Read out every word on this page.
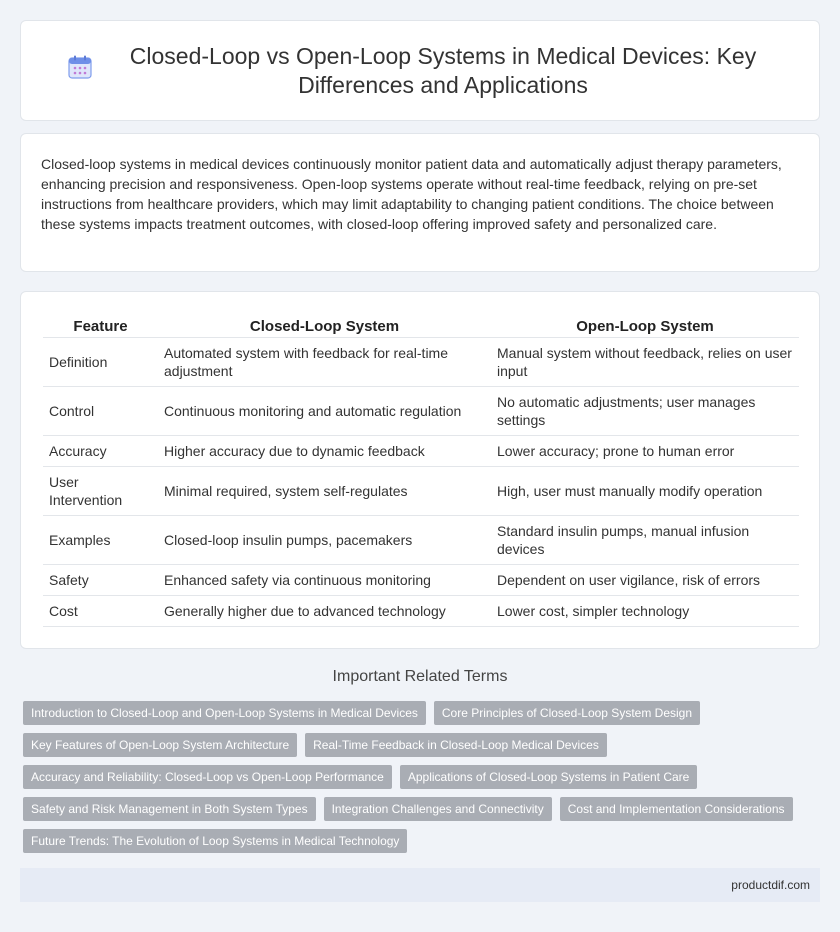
Closed-Loop vs Open-Loop Systems in Medical Devices: Key Differences and Applications

Closed-loop systems in medical devices continuously monitor patient data and automatically adjust therapy parameters, enhancing precision and responsiveness. Open-loop systems operate without real-time feedback, relying on pre-set instructions from healthcare providers, which may limit adaptability to changing patient conditions. The choice between these systems impacts treatment outcomes, with closed-loop offering improved safety and personalized care.

Feature	Closed-Loop System	Open-Loop System
Definition	Automated system with feedback for real-time adjustment	Manual system without feedback, relies on user input
Control	Continuous monitoring and automatic regulation	No automatic adjustments; user manages settings
Accuracy	Higher accuracy due to dynamic feedback	Lower accuracy; prone to human error
User Intervention	Minimal required, system self-regulates	High, user must manually modify operation
Examples	Closed-loop insulin pumps, pacemakers	Standard insulin pumps, manual infusion devices
Safety	Enhanced safety via continuous monitoring	Dependent on user vigilance, risk of errors
Cost	Generally higher due to advanced technology	Lower cost, simpler technology
Important Related Terms
Introduction to Closed-Loop and Open-Loop Systems in Medical Devices	Core Principles of Closed-Loop System Design
Key Features of Open-Loop System Architecture	Real-Time Feedback in Closed-Loop Medical Devices
Accuracy and Reliability: Closed-Loop vs Open-Loop Performance	Applications of Closed-Loop Systems in Patient Care
Safety and Risk Management in Both System Types	Integration Challenges and Connectivity	Cost and Implementation Considerations
Future Trends: The Evolution of Loop Systems in Medical Technology
productdif.com
